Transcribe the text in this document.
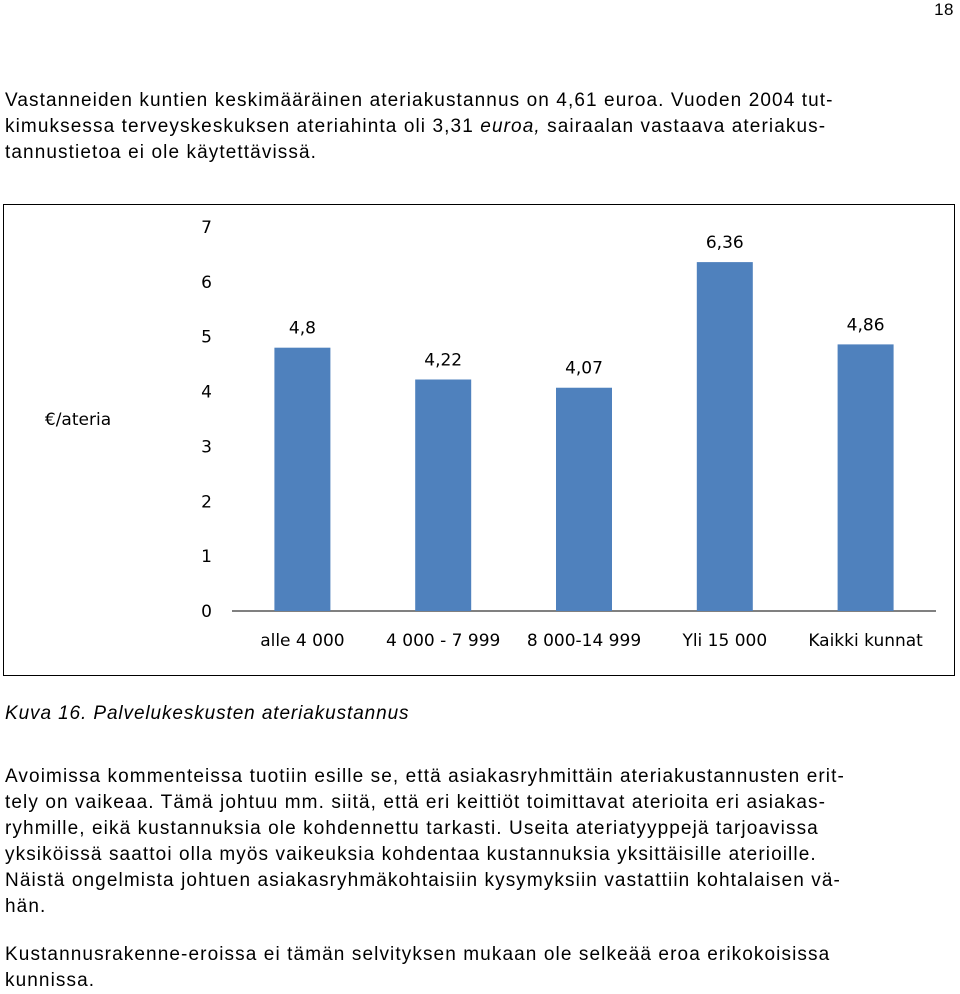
18

Vastanneiden kuntien keskimääräinen ateriakustannus on 4,61 euroa. Vuoden 2004 tut-
kimuksessa terveyskeskuksen ateriahinta oli 3,31 euroa, sairaalan vastaava ateriakus-
tannustietoa ei ole käytettävissä.

0
1
2
3
4
5
6
7
4,8
4,22	4,07
6,36
4,86
alle 4 000 4 000 - 7 999 8 000-14 999 Yli 15 000 Kaikki kunnat
€/ateria

Kuva 16. Palvelukeskusten ateriakustannus

Avoimissa kommenteissa tuotiin esille se, että asiakasryhmittäin ateriakustannusten erit-
tely on vaikeaa. Tämä johtuu mm. siitä, että eri keittiöt toimittavat aterioita eri asiakas-
ryhmille, eikä kustannuksia ole kohdennettu tarkasti. Useita ateriatyyppejä tarjoavissa
yksiköissä saattoi olla myös vaikeuksia kohdentaa kustannuksia yksittäisille aterioille.
Näistä ongelmista johtuen asiakasryhmäkohtaisiin kysymyksiin vastattiin kohtalaisen vä-
hän.

Kustannusrakenne-eroissa ei tämän selvityksen mukaan ole selkeää eroa erikokoisissa
kunnissa.
